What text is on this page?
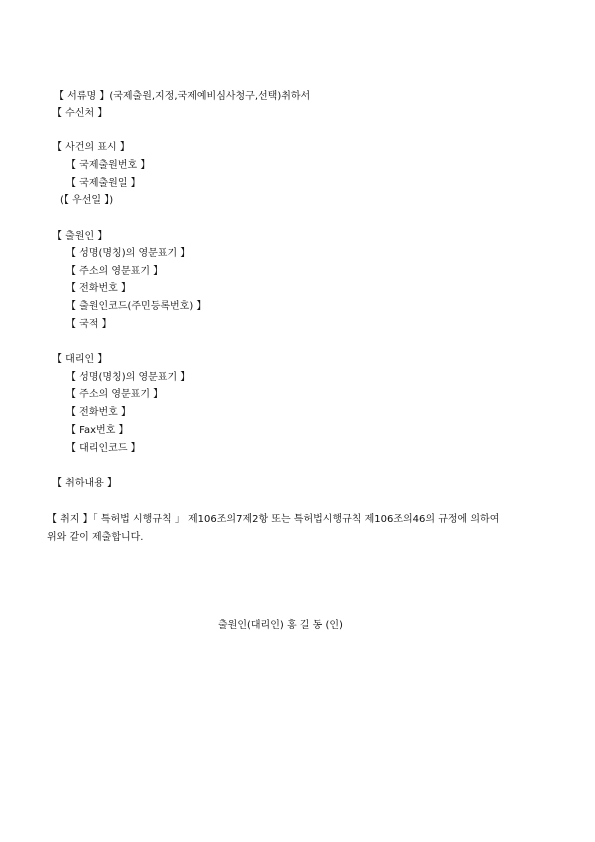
【 서류명 】(국제출원,지정,국제예비심사청구,선택)취하서
【 수신처 】
【 사건의 표시 】
【 국제출원번호 】
【 국제출원일 】
(【 우선일 】)
【 출원인 】
【 성명(명칭)의 영문표기 】
【 주소의 영문표기 】
【 전화번호 】
【 출원인코드(주민등록번호) 】
【 국적 】
【 대리인 】
【 성명(명칭)의 영문표기 】
【 주소의 영문표기 】
【 전화번호 】
【 Fax번호 】
【 대리인코드 】
【 취하내용 】
【 취지 】「 특허법 시행규칙 」 제106조의7제2항 또는 특허법시행규칙 제106조의46의 규정에 의하여
위와 같이 제출합니다.
출원인(대리인) 홍 길 동 (인)
